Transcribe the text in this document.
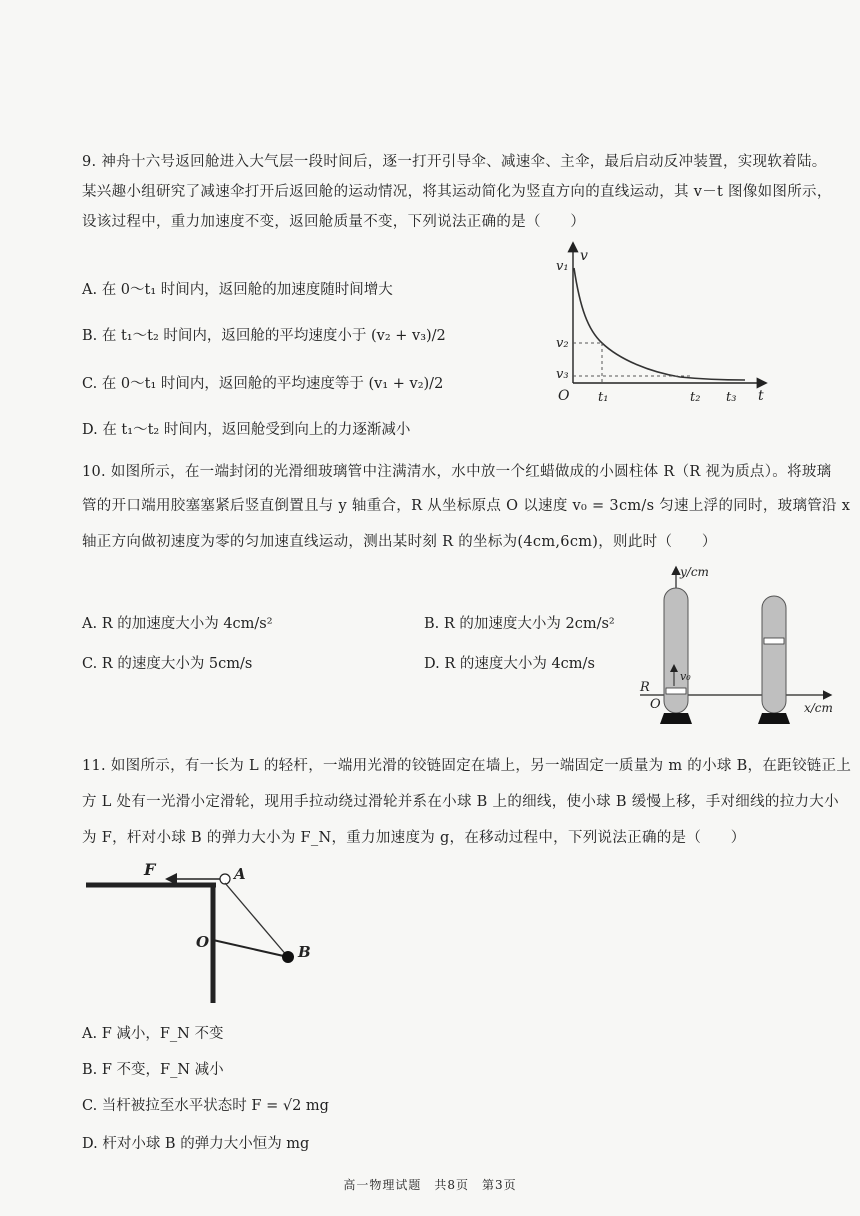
9. 神舟十六号返回舱进入大气层一段时间后，逐一打开引导伞、减速伞、主伞，最后启动反冲装置，实现软着陆。
某兴趣小组研究了减速伞打开后返回舱的运动情况，将其运动简化为竖直方向的直线运动，其 v－t 图像如图所示，
设该过程中，重力加速度不变，返回舱质量不变，下列说法正确的是（　　）
A. 在 0～t₁ 时间内，返回舱的加速度随时间增大
B. 在 t₁～t₂ 时间内，返回舱的平均速度小于 (v₂ + v₃)/2
C. 在 0～t₁ 时间内，返回舱的平均速度等于 (v₁ + v₂)/2
D. 在 t₁～t₂ 时间内，返回舱受到向上的力逐渐减小
v
v₁
v₂
v₃
O t₁	t₂ t₃ t
10. 如图所示，在一端封闭的光滑细玻璃管中注满清水，水中放一个红蜡做成的小圆柱体 R（R 视为质点）。将玻璃
管的开口端用胶塞塞紧后竖直倒置且与 y 轴重合，R 从坐标原点 O 以速度 v₀ = 3cm/s 匀速上浮的同时，玻璃管沿 x
轴正方向做初速度为零的匀加速直线运动，测出某时刻 R 的坐标为(4cm,6cm)，则此时（　　）
A. R 的加速度大小为 4cm/s²	B. R 的加速度大小为 2cm/s²
C. R 的速度大小为 5cm/s	D. R 的速度大小为 4cm/s
y/cm
x/cm
R
O
v₀
11. 如图所示，有一长为 L 的轻杆，一端用光滑的铰链固定在墙上，另一端固定一质量为 m 的小球 B，在距铰链正上
方 L 处有一光滑小定滑轮，现用手拉动绕过滑轮并系在小球 B 上的细线，使小球 B 缓慢上移，手对细线的拉力大小
为 F，杆对小球 B 的弹力大小为 F_N，重力加速度为 g，在移动过程中，下列说法正确的是（　　）
F	A
O
B
A. F 减小，F_N 不变
B. F 不变，F_N 减小
C. 当杆被拉至水平状态时 F = √2 mg
D. 杆对小球 B 的弹力大小恒为 mg
高一物理试题　共8页　第3页
